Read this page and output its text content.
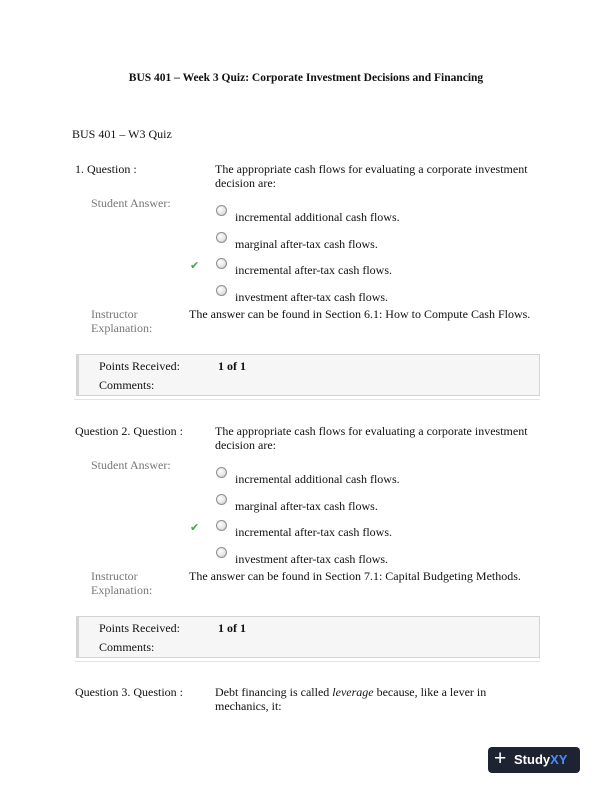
BUS 401 – Week 3 Quiz: Corporate Investment Decisions and Financing
BUS 401 – W3 Quiz
1. Question :	The appropriate cash flows for evaluating a corporate investment decision are:
Student Answer:
incremental additional cash flows.
marginal after-tax cash flows.
✔	incremental after-tax cash flows.
investment after-tax cash flows.
Instructor
Explanation:
The answer can be found in Section 6.1: How to Compute Cash Flows.
Points Received:	1 of 1
Comments:
Question 2. Question :	The appropriate cash flows for evaluating a corporate investment decision are:
Student Answer:
incremental additional cash flows.
marginal after-tax cash flows.
✔	incremental after-tax cash flows.
investment after-tax cash flows.
Instructor
Explanation:
The answer can be found in Section 7.1: Capital Budgeting Methods.
Points Received:	1 of 1
Comments:
Question 3. Question :	Debt financing is called leverage because, like a lever in mechanics, it:
+ StudyXY
